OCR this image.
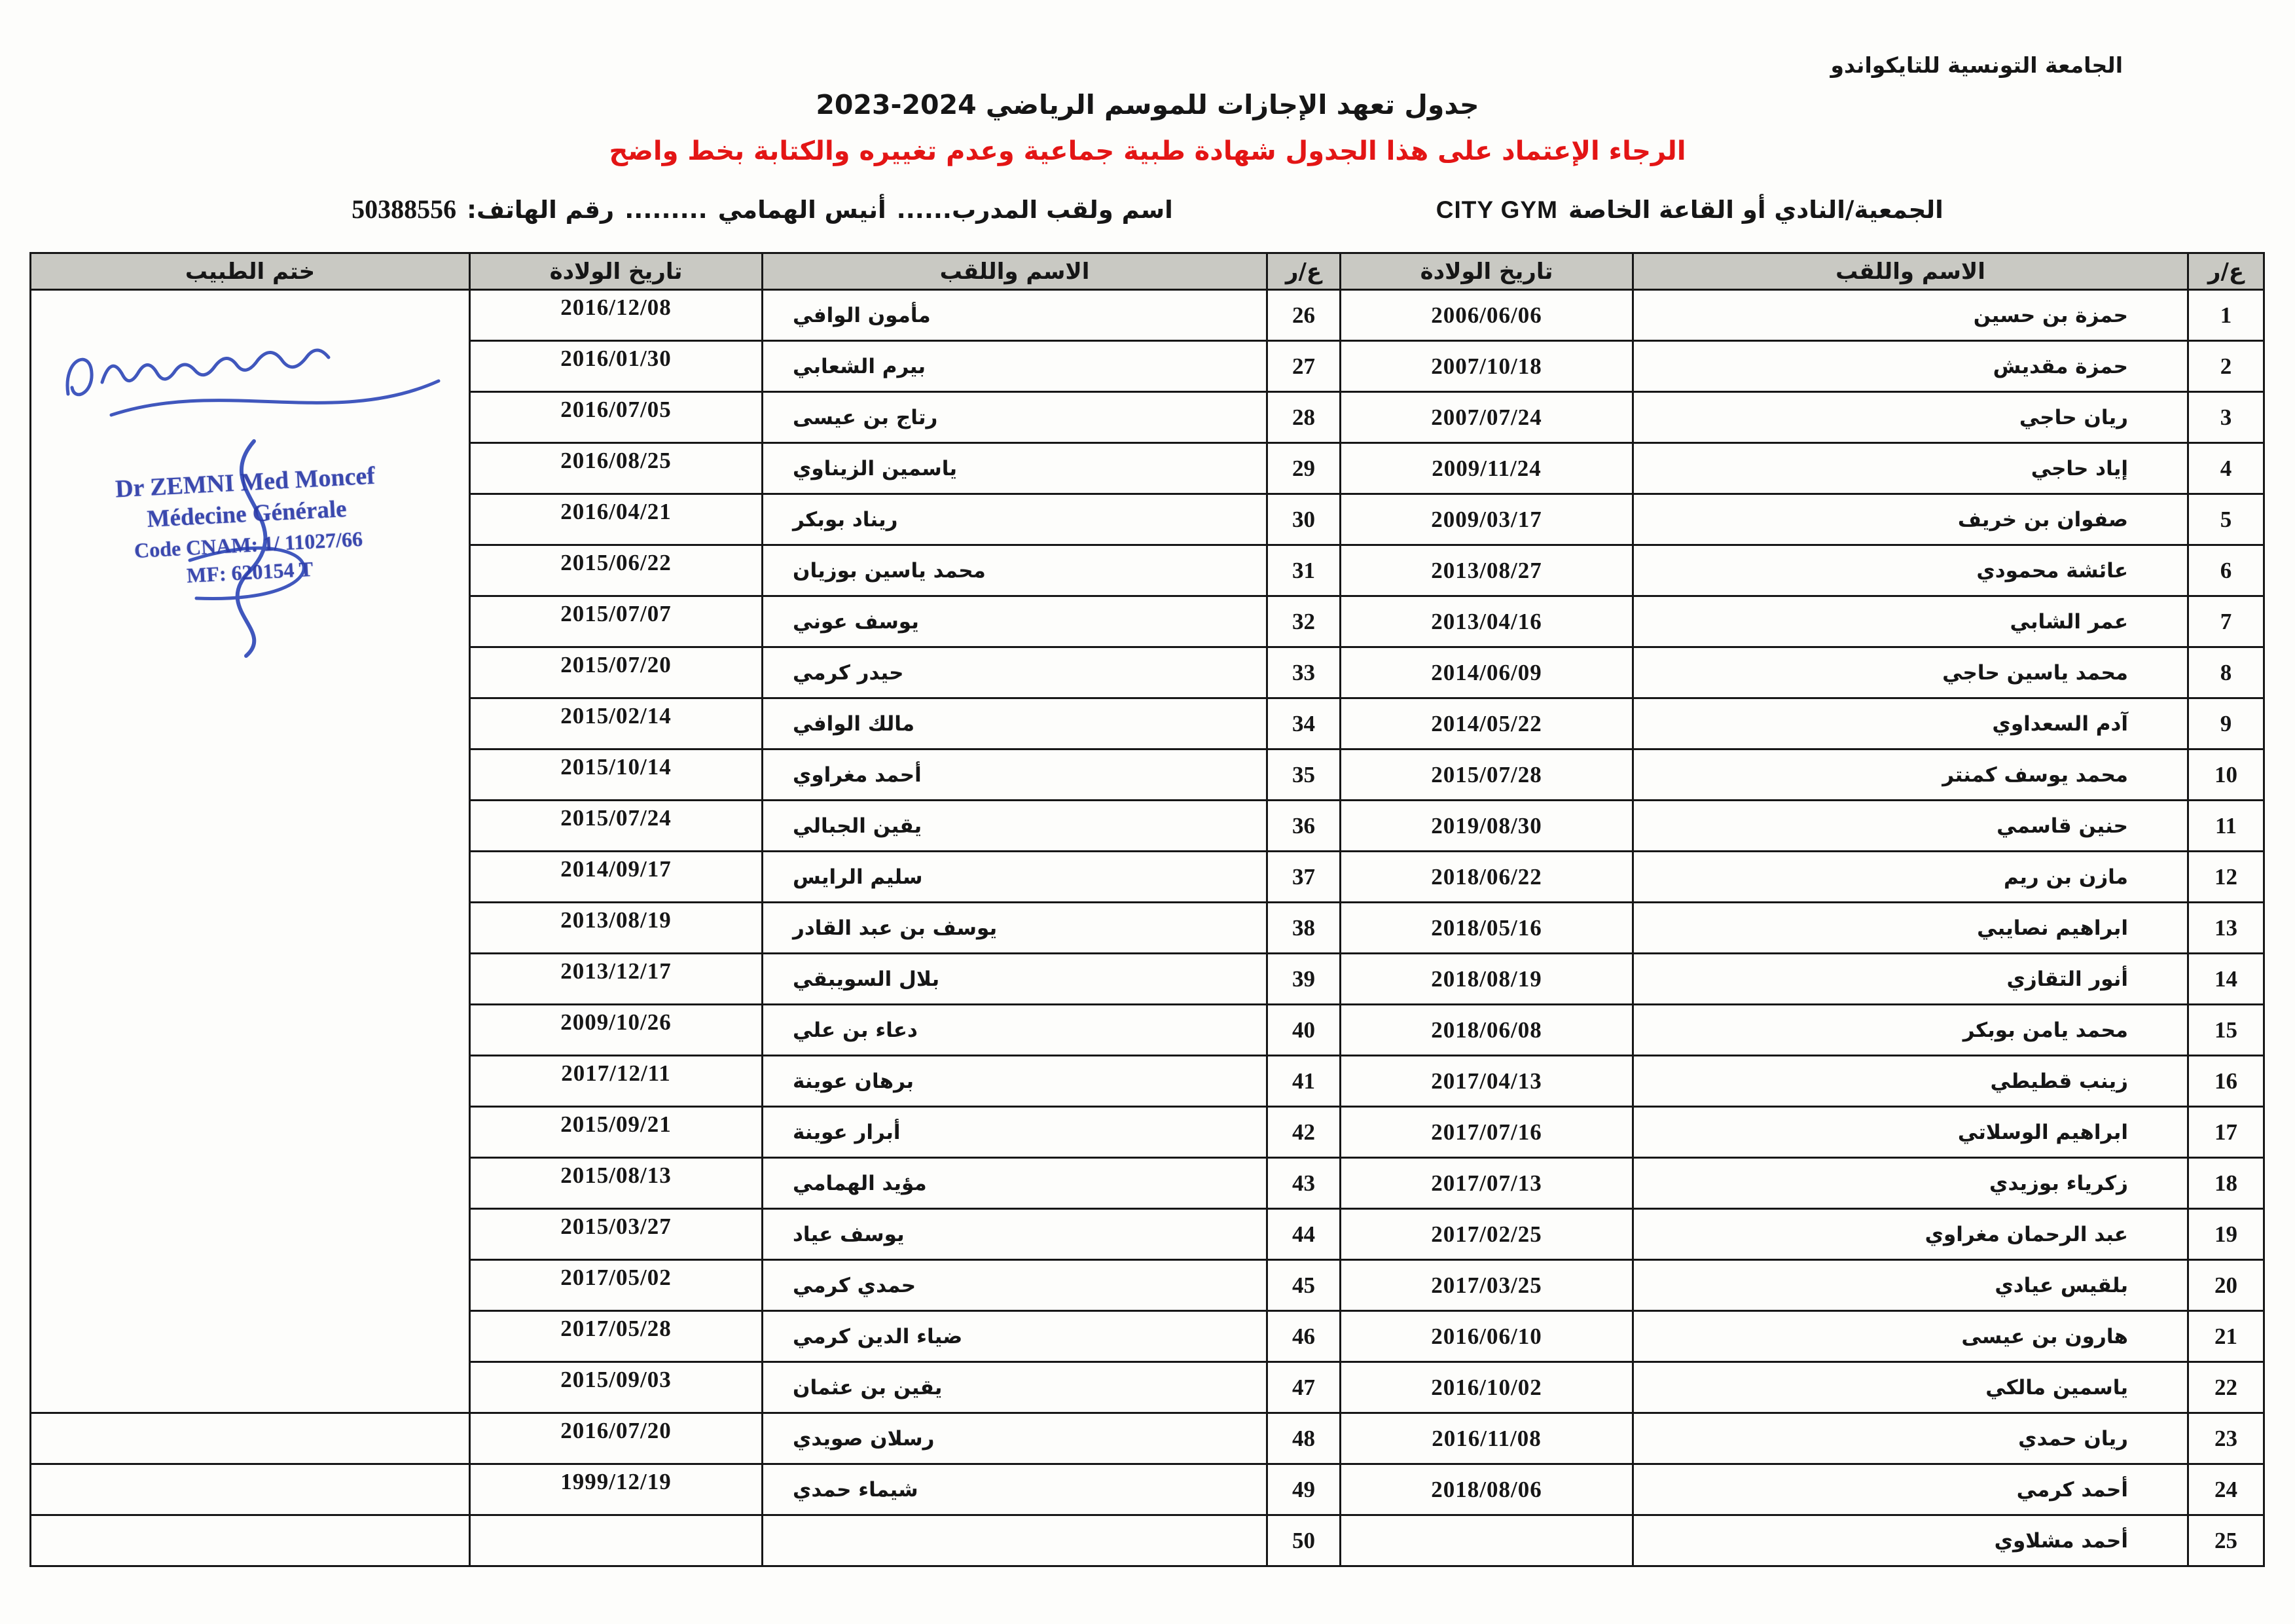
الجامعة التونسية للتايكواندو
جدول تعهد الإجازات للموسم الرياضي 2024-2023
الرجاء الإعتماد على هذا الجدول شهادة طبية جماعية وعدم تغييره والكتابة بخط واضح
الجمعية/النادي أو القاعة الخاصة
CITY GYM
اسم ولقب المدرب......
أنيس الهمامي
.........
رقم الهاتف:
50388556
ع/ر	الاسم واللقب	تاريخ الولادة	ع/ر	الاسم واللقب	تاريخ الولادة	ختم الطبيب
1	حمزة بن حسين	2006/06/06	26	مأمون الوافي	2016/12/08	Dr ZEMNI Med Moncef
Médecine Générale
Code CNAM: 1/ 11027/66
MF: 620154 T

2	حمزة مقديش	2007/10/18	27	بيرم الشعابي	2016/01/30	
3	ريان حاجي	2007/07/24	28	رتاج بن عيسى	2016/07/05	
4	إياد حاجي	2009/11/24	29	ياسمين الزيناوي	2016/08/25	
5	صفوان بن خريف	2009/03/17	30	ريناد بوبكر	2016/04/21	
6	عائشة محمودي	2013/08/27	31	محمد ياسين بوزيان	2015/06/22	
7	عمر الشابي	2013/04/16	32	يوسف عوني	2015/07/07	
8	محمد ياسين حاجي	2014/06/09	33	حيدر كرمي	2015/07/20	
9	آدم السعداوي	2014/05/22	34	مالك الوافي	2015/02/14	
10	محمد يوسف كمنتر	2015/07/28	35	أحمد مغراوي	2015/10/14	
11	حنين قاسمي	2019/08/30	36	يقين الجبالي	2015/07/24	
12	مازن بن ريم	2018/06/22	37	سليم الرايس	2014/09/17	
13	ابراهيم نصايبي	2018/05/16	38	يوسف بن عبد القادر	2013/08/19	
14	أنور التقازي	2018/08/19	39	بلال السويبقي	2013/12/17	
15	محمد يامن بوبكر	2018/06/08	40	دعاء بن علي	2009/10/26	
16	زينب قطيطي	2017/04/13	41	برهان عوينة	2017/12/11	
17	ابراهيم الوسلاتي	2017/07/16	42	أبرار عوينة	2015/09/21	
18	زكرياء بوزيدي	2017/07/13	43	مؤيد الهمامي	2015/08/13	
19	عبد الرحمان مغراوي	2017/02/25	44	يوسف عياد	2015/03/27	
20	بلقيس عيادي	2017/03/25	45	حمدي كرمي	2017/05/02	
21	هارون بن عيسى	2016/06/10	46	ضياء الدين كرمي	2017/05/28	
22	ياسمين مالكي	2016/10/02	47	يقين بن عثمان	2015/09/03	
23	ريان حمدي	2016/11/08	48	رسلان صويدي	2016/07/20	
24	أحمد كرمي	2018/08/06	49	شيماء حمدي	1999/12/19	
25	أحمد مشلاوي		50			
